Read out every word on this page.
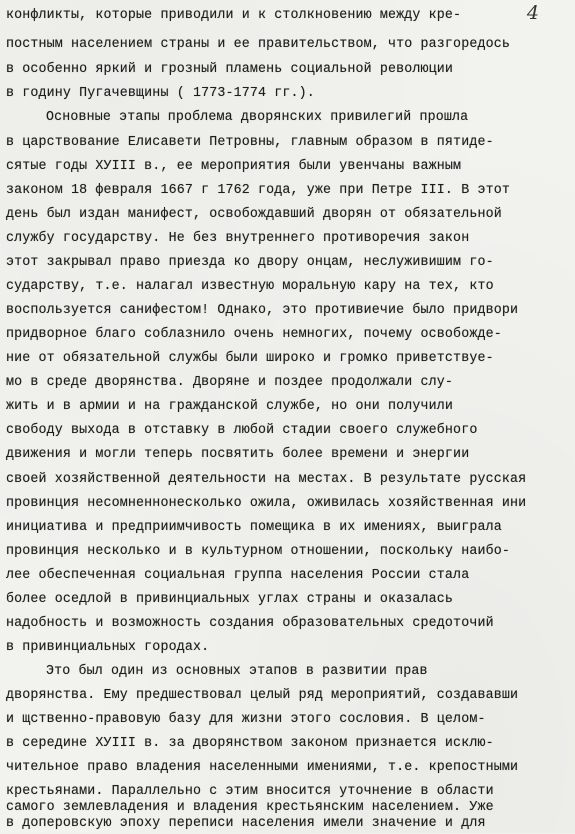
4
конфликты, которые приводили и к столкновению между кре-
постным населением страны и ее правительством, что разгоредось
в особенно яркий и грозный пламень социальной революции
в годину Пугачевщины ( 1773-1774 гг.).
Основные этапы проблема дворянских привилегий прошла
в царствование Елисавети Петровны, главным образом в пятиде-
сятые годы ХУIII в., ее мероприятия были увенчаны важным
законом 18 февраля 1667 г 1762 года, уже при Петре III. В этот
день был издан манифест, освобождавший дворян от обязательной
службу государству. Не без внутреннего противоречия закон
этот закрывал право приезда ко двору онцам, неслуживишим го-
сударству, т.е. налагал известную моральную кару на тех, кто
воспользуется санифестом! Однако, это противиечие было придвори
придворное благо соблазнило очень немногих, почему освобожде-
ние от обязательной службы были широко и громко приветствуе-
мо в среде двоpянства. Дворяне и поздее продолжали слу-
жить и в армии и на гражданской службе, но они получили
свободу выхода в отставку в любой стадии своего служебного
движения и могли теперь посвятить более времени и энергии
своей хозяйственной деятельности на местах. В результате русская
провинция несомненнонесколько ожила, оживилась хозяйственная ини
инициатива и предприимчивость помещика в их имениях, выиграла
провинция несколько и в культурном отношении, поскольку наибо-
лее обеспеченная социальная группа населения России стала
более оседлой в привинциальных углах страны и оказалась
надобность и возможность создания образовательных средоточий
в привинциальных городах.
Это был один из основных этапов в развитии прав
дворянства. Ему предшествовал целый ряд мероприятий, создававши
и щственно-правовую базу для жизни этого сословия. В целом-
в середине ХУIII в. за дворянством законом признается исклю-
чительное право владения населенными имениями, т.е. крепостными
крестьянами. Параллельно с этим вносится уточнение в области
самого землевладения и владения крестьянским населением. Уже
в доперовскую эпоху переписи населения имели значение и для
